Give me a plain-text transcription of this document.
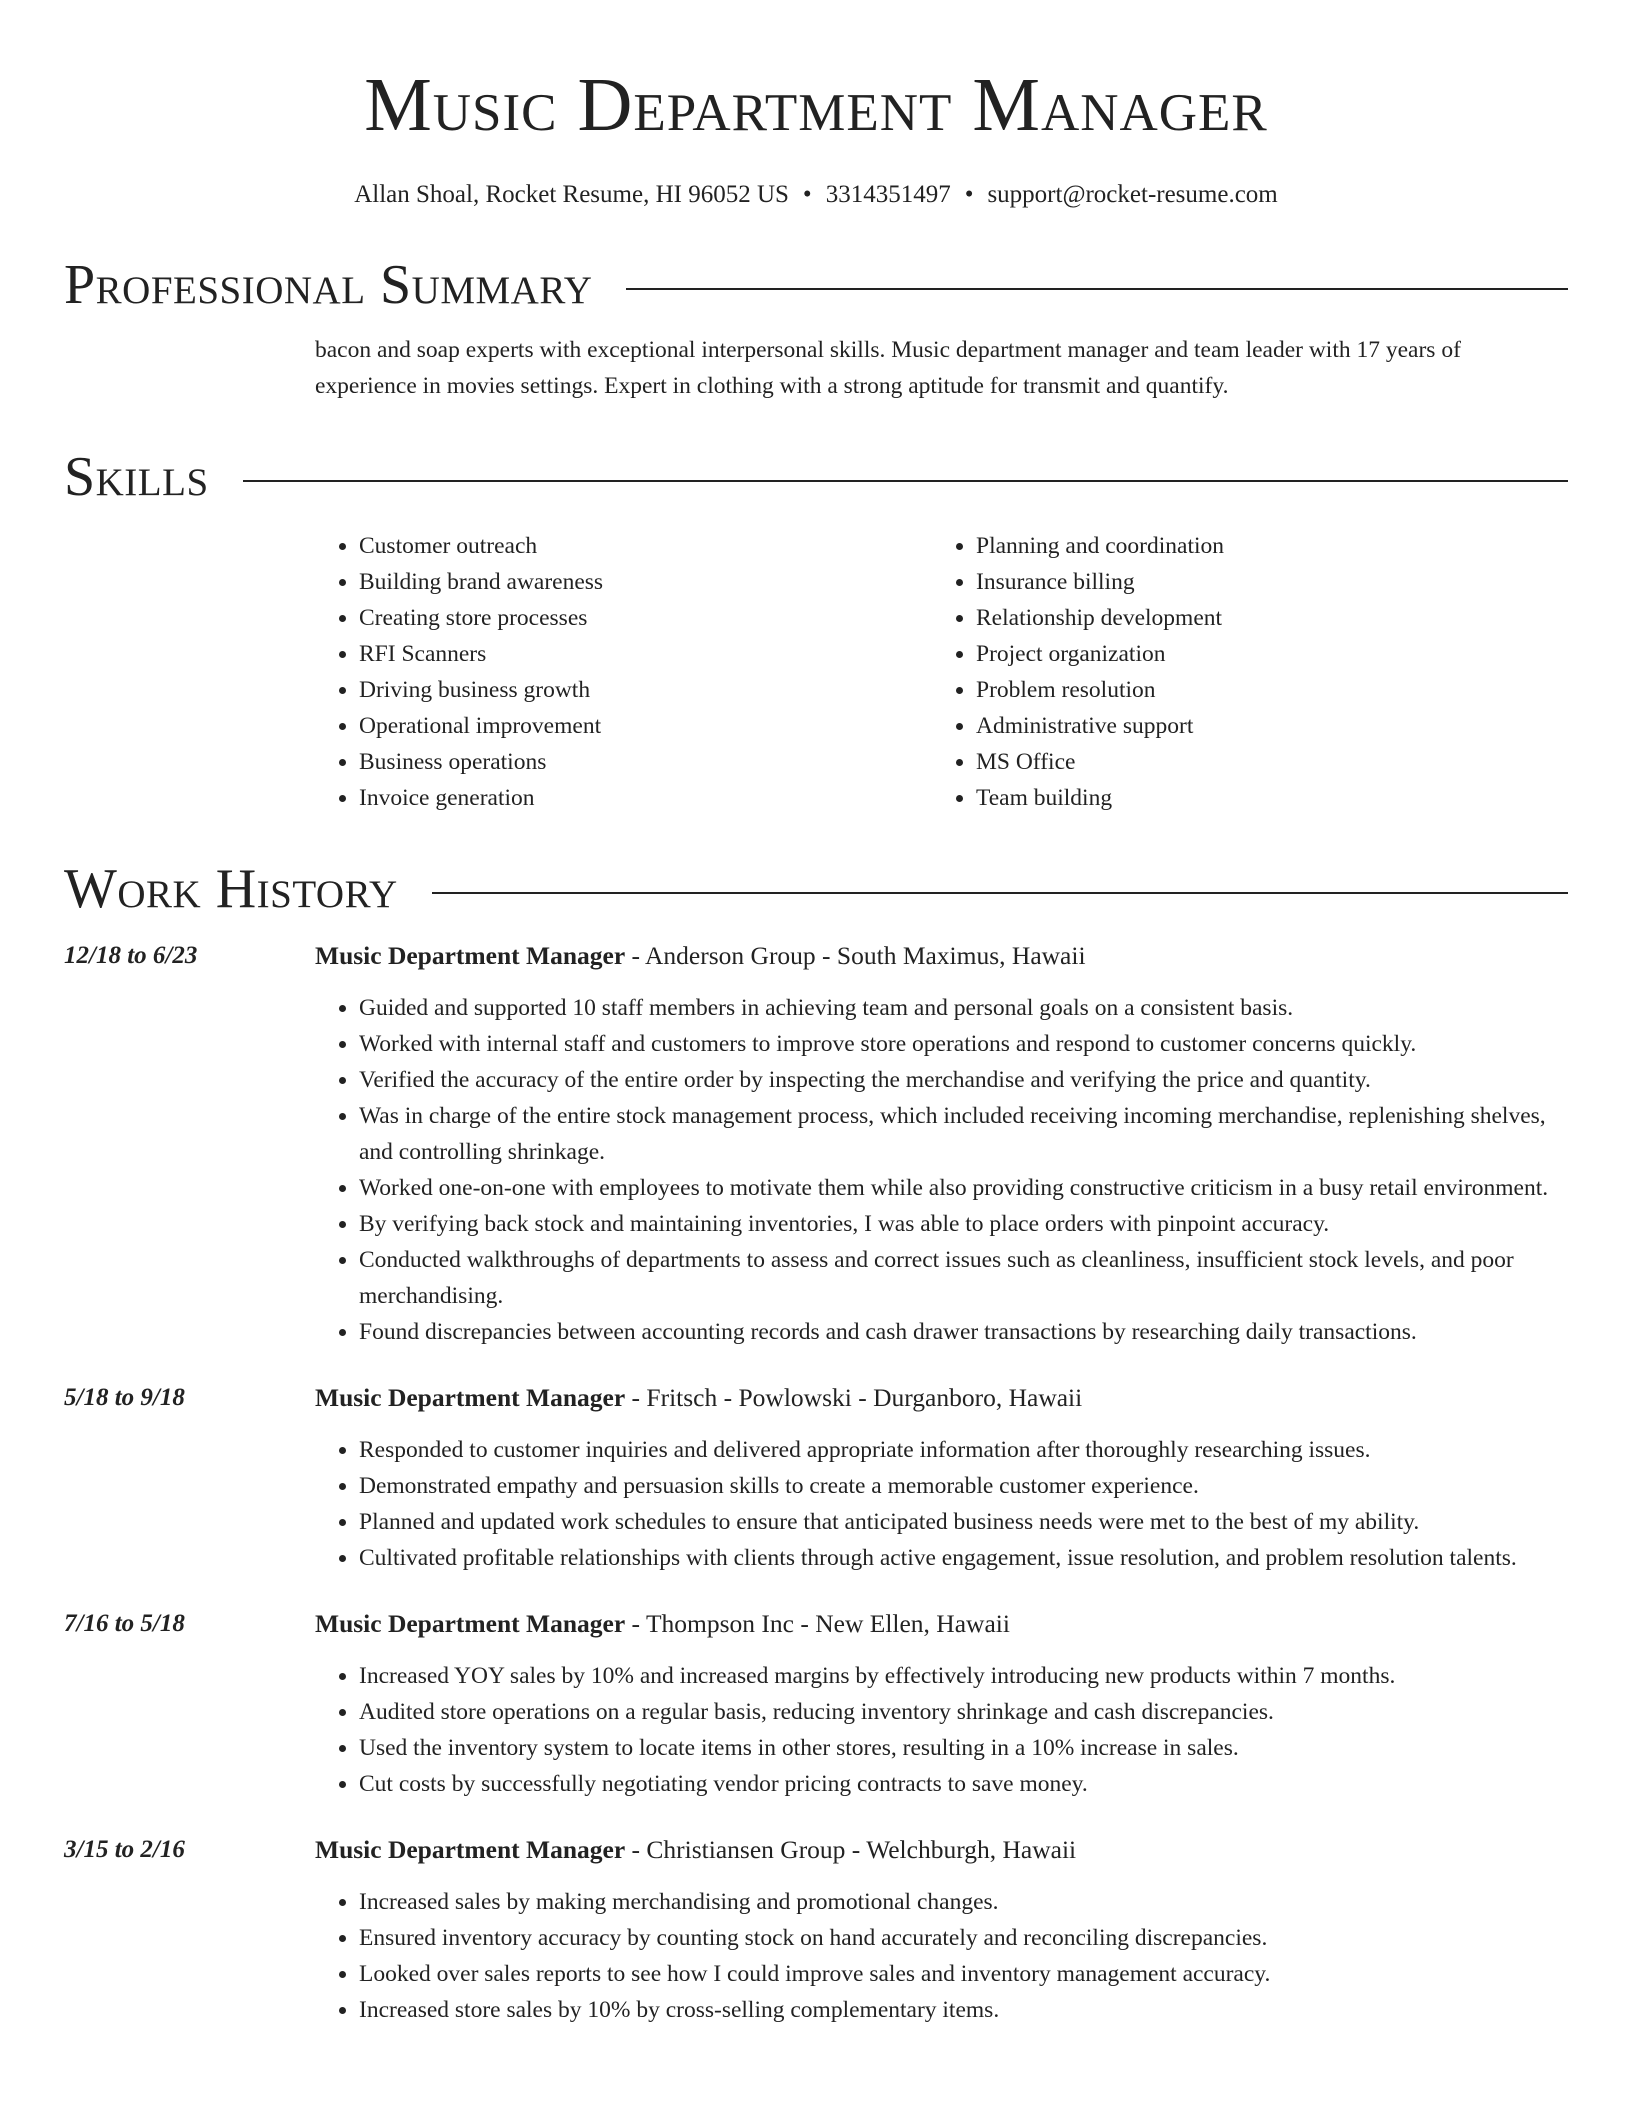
Music Department Manager
Allan Shoal, Rocket Resume, HI 96052 US • 3314351497 • support@rocket-resume.com
Professional Summary
bacon and soap experts with exceptional interpersonal skills. Music department manager and team leader with 17 years of experience in movies settings. Expert in clothing with a strong aptitude for transmit and quantify.
Skills
• Customer outreach
• Building brand awareness
• Creating store processes
• RFI Scanners
• Driving business growth
• Operational improvement
• Business operations
• Invoice generation
• Planning and coordination
• Insurance billing
• Relationship development
• Project organization
• Problem resolution
• Administrative support
• MS Office
• Team building
Work History
12/18 to 6/23	Music Department Manager - Anderson Group - South Maximus, Hawaii
• Guided and supported 10 staff members in achieving team and personal goals on a consistent basis.
• Worked with internal staff and customers to improve store operations and respond to customer concerns quickly.
• Verified the accuracy of the entire order by inspecting the merchandise and verifying the price and quantity.
• Was in charge of the entire stock management process, which included receiving incoming merchandise, replenishing shelves, and controlling shrinkage.
• Worked one-on-one with employees to motivate them while also providing constructive criticism in a busy retail environment.
• By verifying back stock and maintaining inventories, I was able to place orders with pinpoint accuracy.
• Conducted walkthroughs of departments to assess and correct issues such as cleanliness, insufficient stock levels, and poor merchandising.
• Found discrepancies between accounting records and cash drawer transactions by researching daily transactions.
5/18 to 9/18	Music Department Manager - Fritsch - Powlowski - Durganboro, Hawaii
• Responded to customer inquiries and delivered appropriate information after thoroughly researching issues.
• Demonstrated empathy and persuasion skills to create a memorable customer experience.
• Planned and updated work schedules to ensure that anticipated business needs were met to the best of my ability.
• Cultivated profitable relationships with clients through active engagement, issue resolution, and problem resolution talents.
7/16 to 5/18	Music Department Manager - Thompson Inc - New Ellen, Hawaii
• Increased YOY sales by 10% and increased margins by effectively introducing new products within 7 months.
• Audited store operations on a regular basis, reducing inventory shrinkage and cash discrepancies.
• Used the inventory system to locate items in other stores, resulting in a 10% increase in sales.
• Cut costs by successfully negotiating vendor pricing contracts to save money.
3/15 to 2/16	Music Department Manager - Christiansen Group - Welchburgh, Hawaii
• Increased sales by making merchandising and promotional changes.
• Ensured inventory accuracy by counting stock on hand accurately and reconciling discrepancies.
• Looked over sales reports to see how I could improve sales and inventory management accuracy.
• Increased store sales by 10% by cross-selling complementary items.
